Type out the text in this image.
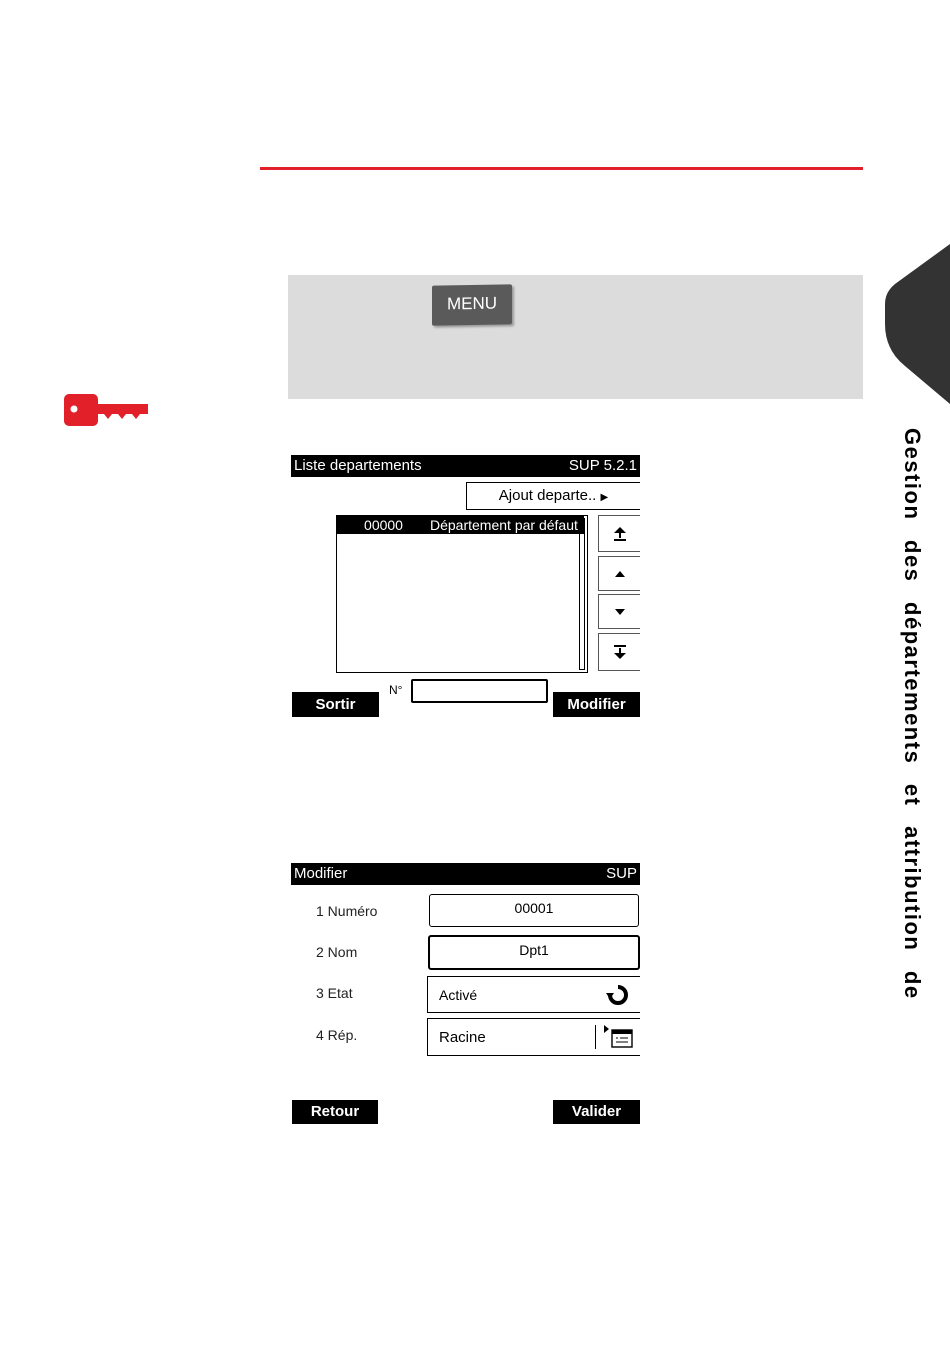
MENU
Gestion des départements et attribution de
Liste departements	SUP 5.2.1
Ajout departe.. ▶
00000	Département par défaut
Sortir
N°
Modifier
Modifier	SUP
1 Numéro	00001
2 Nom	Dpt1
3 Etat	Activé
4 Rép.	Racine
Retour	Valider
